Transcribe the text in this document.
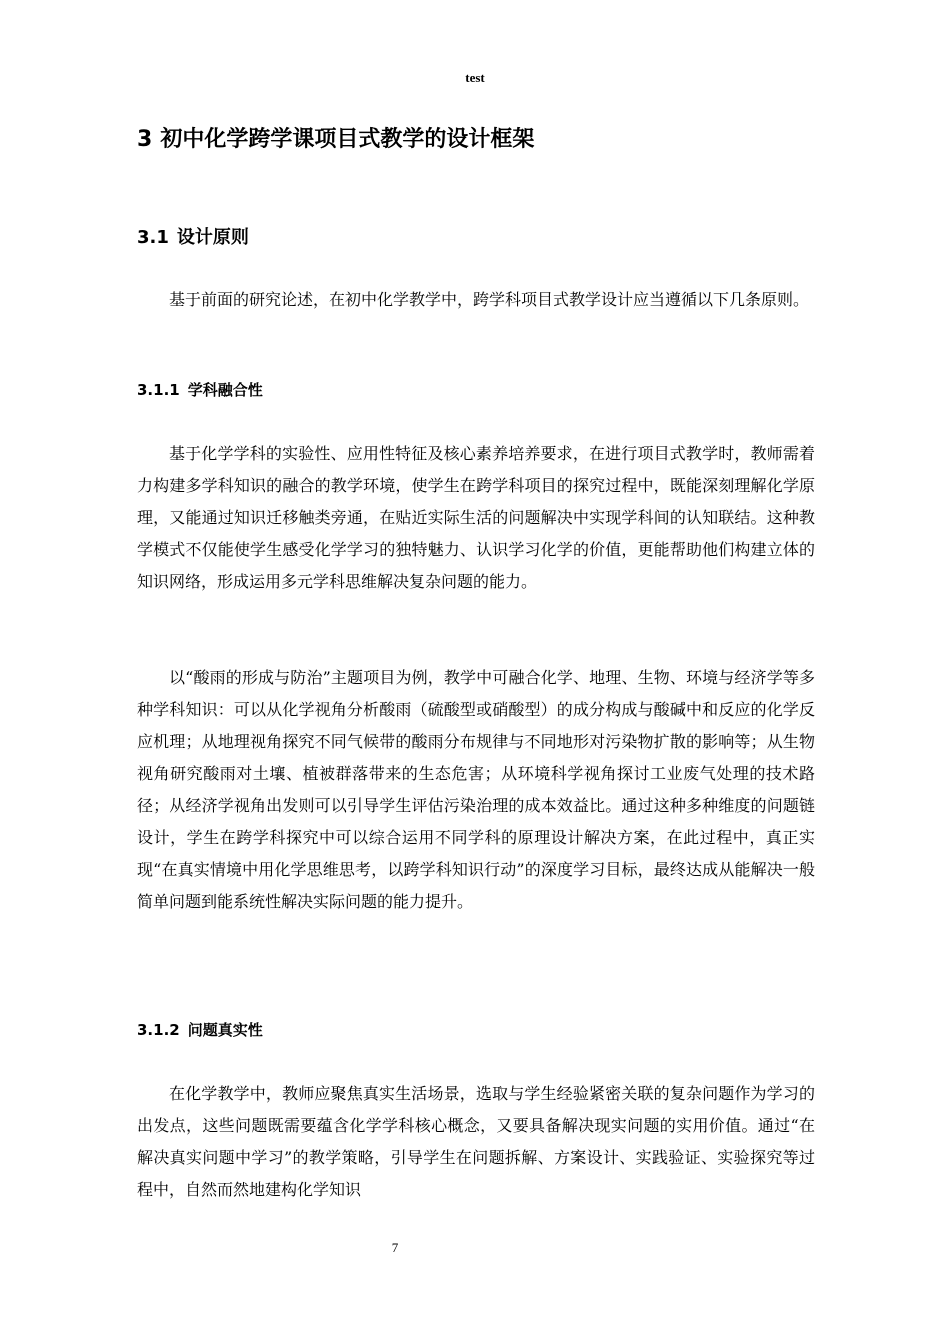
test
3 初中化学跨学课项目式教学的设计框架
3.1 设计原则

基于前面的研究论述，在初中化学教学中，跨学科项目式教学设计应当遵循以下几条原则。

3.1.1 学科融合性

基于化学学科的实验性、应用性特征及核心素养培养要求，在进行项目式教学时，教师需着力构建多学科知识的融合的教学环境，使学生在跨学科项目的探究过程中，既能深刻理解化学原理，又能通过知识迁移触类旁通，在贴近实际生活的问题解决中实现学科间的认知联结。这种教学模式不仅能使学生感受化学学习的独特魅力、认识学习化学的价值，更能帮助他们构建立体的知识网络，形成运用多元学科思维解决复杂问题的能力。

以“酸雨的形成与防治”主题项目为例，教学中可融合化学、地理、生物、环境与经济学等多种学科知识：可以从化学视角分析酸雨（硫酸型或硝酸型）的成分构成与酸碱中和反应的化学反应机理；从地理视角探究不同气候带的酸雨分布规律与不同地形对污染物扩散的影响等；从生物视角研究酸雨对土壤、植被群落带来的生态危害；从环境科学视角探讨工业废气处理的技术路径；从经济学视角出发则可以引导学生评估污染治理的成本效益比。通过这种多种维度的问题链设计，学生在跨学科探究中可以综合运用不同学科的原理设计解决方案，在此过程中，真正实现“在真实情境中用化学思维思考，以跨学科知识行动”的深度学习目标，最终达成从能解决一般简单问题到能系统性解决实际问题的能力提升。

3.1.2 问题真实性

在化学教学中，教师应聚焦真实生活场景，选取与学生经验紧密关联的复杂问题作为学习的出发点，这些问题既需要蕴含化学学科核心概念，又要具备解决现实问题的实用价值。通过“在解决真实问题中学习”的教学策略，引导学生在问题拆解、方案设计、实践验证、实验探究等过程中，自然而然地建构化学知识

7
